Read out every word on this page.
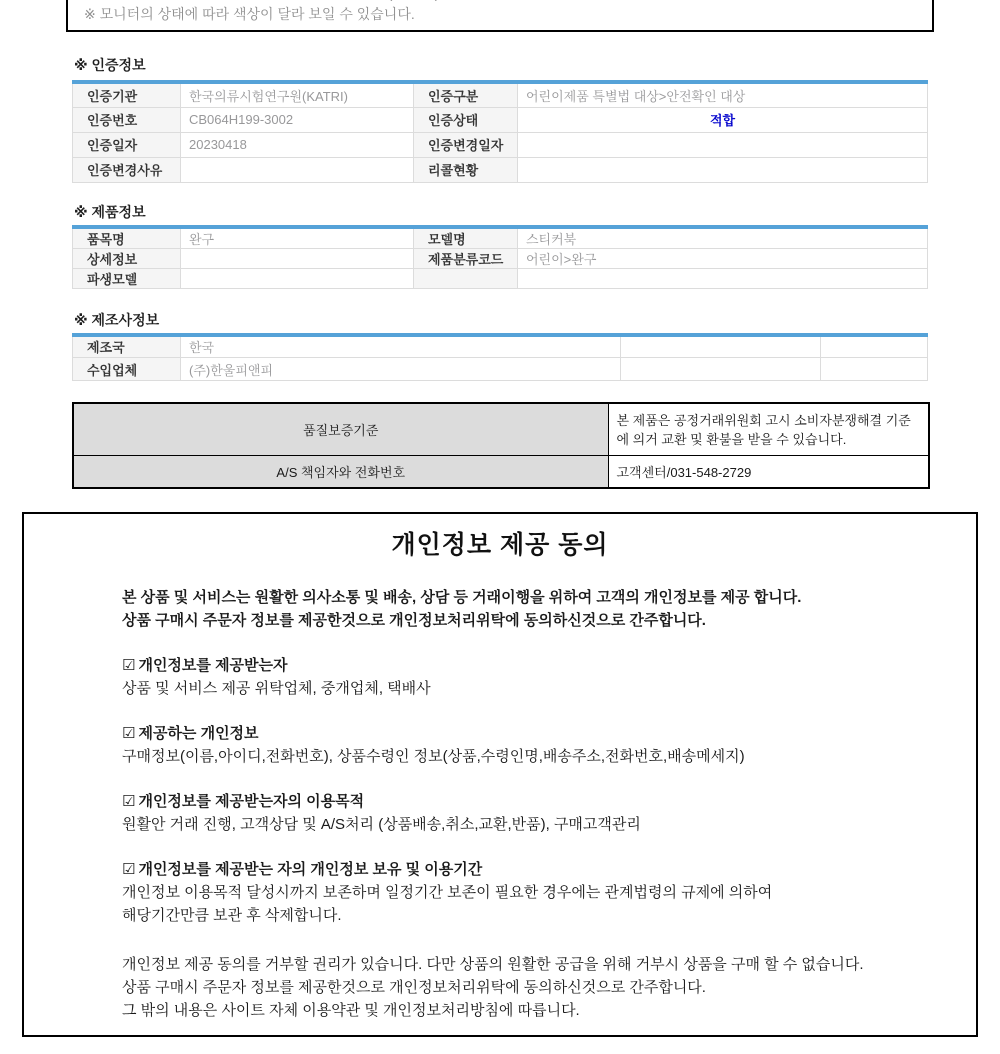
※ 모니터의 상태에 따라 색상이 달라 보일 수 있습니다.
※ 인증정보
인증기관	한국의류시험연구원(KATRI)	인증구분	어린이제품 특별법 대상>안전확인 대상
인증번호	CB064H199-3002	인증상태	적합
인증일자	20230418	인증변경일자	
인증변경사유		리콜현황	
※ 제품정보
품목명	완구	모델명	스티커북
상세정보		제품분류코드	어린이>완구
파생모델			
※ 제조사정보
제조국	한국		
수입업체	(주)한울피앤피		
품질보증기준	본 제품은 공정거래위원회 고시 소비자분쟁해결 기준에 의거 교환 및 환불을 받을 수 있습니다.
A/S 책임자와 전화번호	고객센터/031-548-2729
개인정보 제공 동의
본 상품 및 서비스는 원활한 의사소통 및 배송, 상담 등 거래이행을 위하여 고객의 개인정보를 제공 합니다.
상품 구매시 주문자 정보를 제공한것으로 개인정보처리위탁에 동의하신것으로 간주합니다.
☑ 개인정보를 제공받는자
상품 및 서비스 제공 위탁업체, 중개업체, 택배사
☑ 제공하는 개인정보
구매정보(이름,아이디,전화번호), 상품수령인 정보(상품,수령인명,배송주소,전화번호,배송메세지)
☑ 개인정보를 제공받는자의 이용목적
원활안 거래 진행, 고객상담 및 A/S처리 (상품배송,취소,교환,반품), 구매고객관리
☑ 개인정보를 제공받는 자의 개인정보 보유 및 이용기간
개인정보 이용목적 달성시까지 보존하며 일정기간 보존이 필요한 경우에는 관계법령의 규제에 의하여
해당기간만큼 보관 후 삭제합니다.
개인정보 제공 동의를 거부할 권리가 있습니다. 다만 상품의 원활한 공급을 위해 거부시 상품을 구매 할 수 없습니다.
상품 구매시 주문자 정보를 제공한것으로 개인정보처리위탁에 동의하신것으로 간주합니다.
그 밖의 내용은 사이트 자체 이용약관 및 개인정보처리방침에 따릅니다.
